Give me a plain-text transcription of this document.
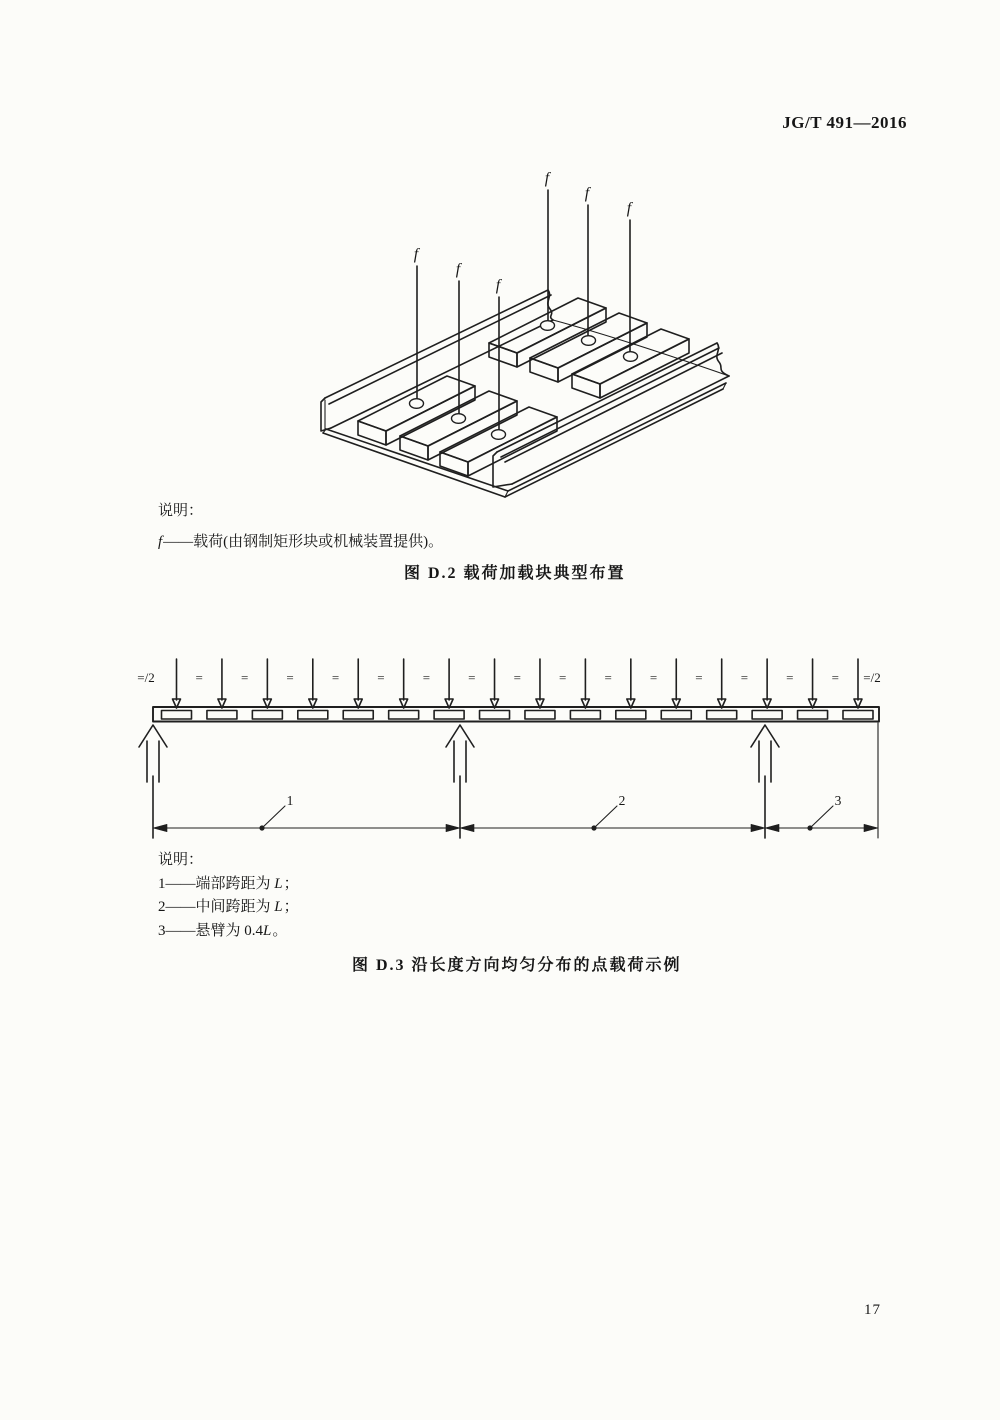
JG/T 491—2016
f
f
f
f
f
f
=	=	=	=	=	=	=	=	=	=	=	=	=	=	=
1	2	3
=/2	=/2
说明：
f——载荷(由钢制矩形块或机械装置提供)。
图 D.2 载荷加载块典型布置
说明：
1——端部跨距为 L；
2——中间跨距为 L；
3——悬臂为 0.4L。
图 D.3 沿长度方向均匀分布的点载荷示例
17
